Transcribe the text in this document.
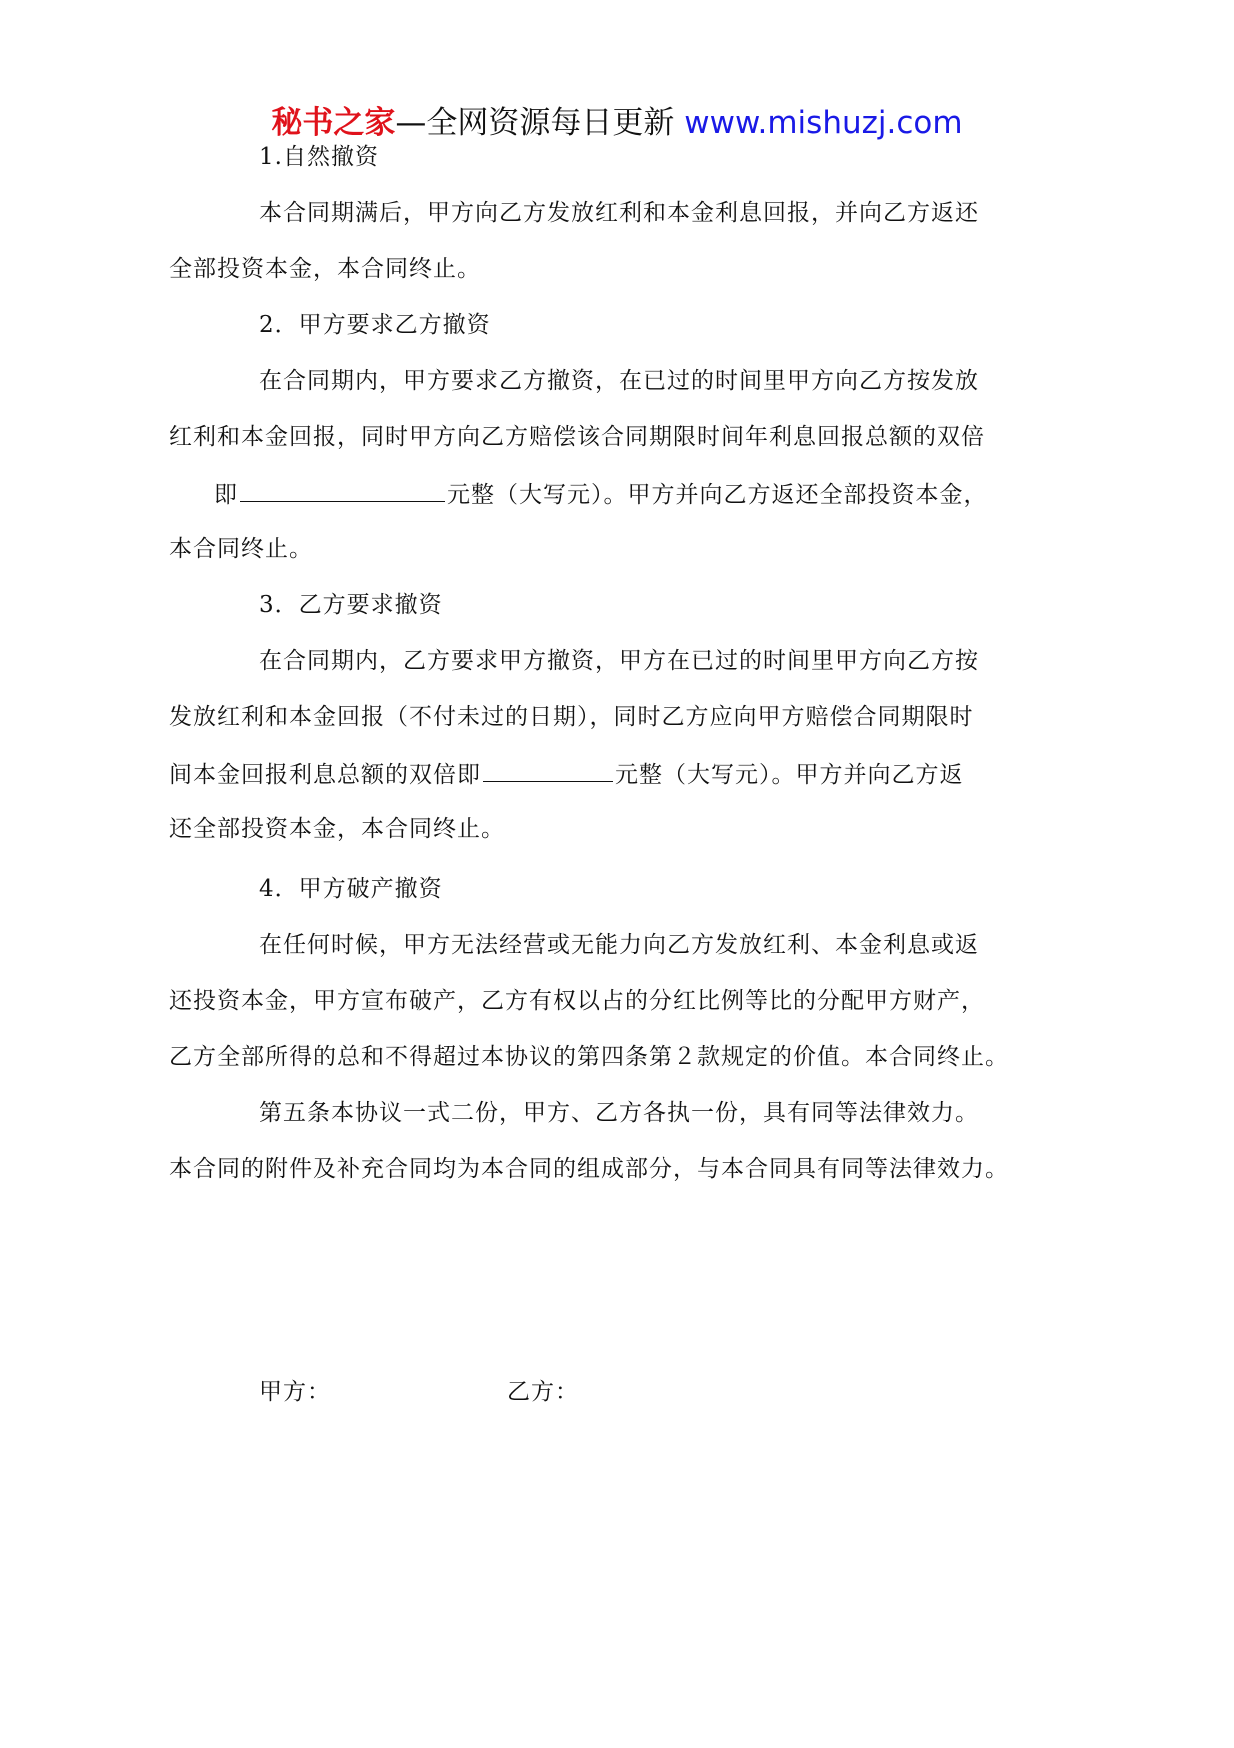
秘书之家—全网资源每日更新 www.mishuzj.com
1.自然撤资
本合同期满后，甲方向乙方发放红利和本金利息回报，并向乙方返还
全部投资本金，本合同终止。
2．甲方要求乙方撤资
在合同期内，甲方要求乙方撤资，在已过的时间里甲方向乙方按发放
红利和本金回报，同时甲方向乙方赔偿该合同期限时间年利息回报总额的双倍
即	元整（大写元）。甲方并向乙方返还全部投资本金，
本合同终止。
3．乙方要求撤资
在合同期内，乙方要求甲方撤资，甲方在已过的时间里甲方向乙方按
发放红利和本金回报（不付未过的日期），同时乙方应向甲方赔偿合同期限时
间本金回报利息总额的双倍即	元整（大写元）。甲方并向乙方返
还全部投资本金，本合同终止。
4．甲方破产撤资
在任何时候，甲方无法经营或无能力向乙方发放红利、本金利息或返
还投资本金，甲方宣布破产，乙方有权以占的分红比例等比的分配甲方财产，
乙方全部所得的总和不得超过本协议的第四条第２款规定的价值。本合同终止。
第五条本协议一式二份，甲方、乙方各执一份，具有同等法律效力。
本合同的附件及补充合同均为本合同的组成部分，与本合同具有同等法律效力。
甲方：	乙方：
